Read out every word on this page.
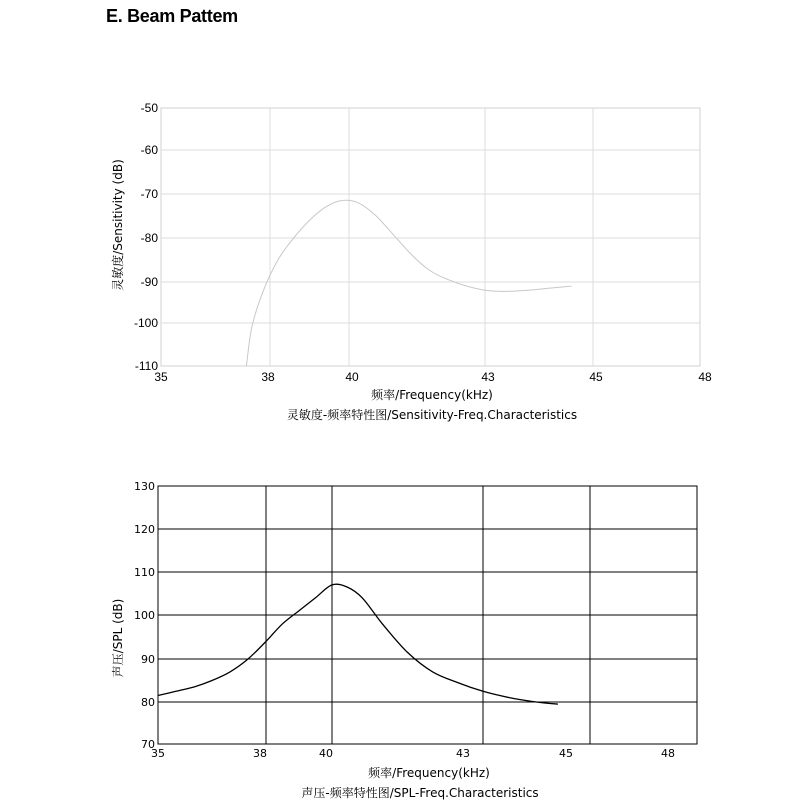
E. Beam Pattem
-50
-60
-70
-80
-90
-100
-110
35	38	40	43	45	48
灵敏度/Sensitivity (dB)
频率/Frequency(kHz)
灵敏度-频率特性图/Sensitivity-Freq.Characteristics
130
120
110
100
90
80
70
35	38	40	43	45	48
声压/SPL (dB)
频率/Frequency(kHz)
声压-频率特性图/SPL-Freq.Characteristics
